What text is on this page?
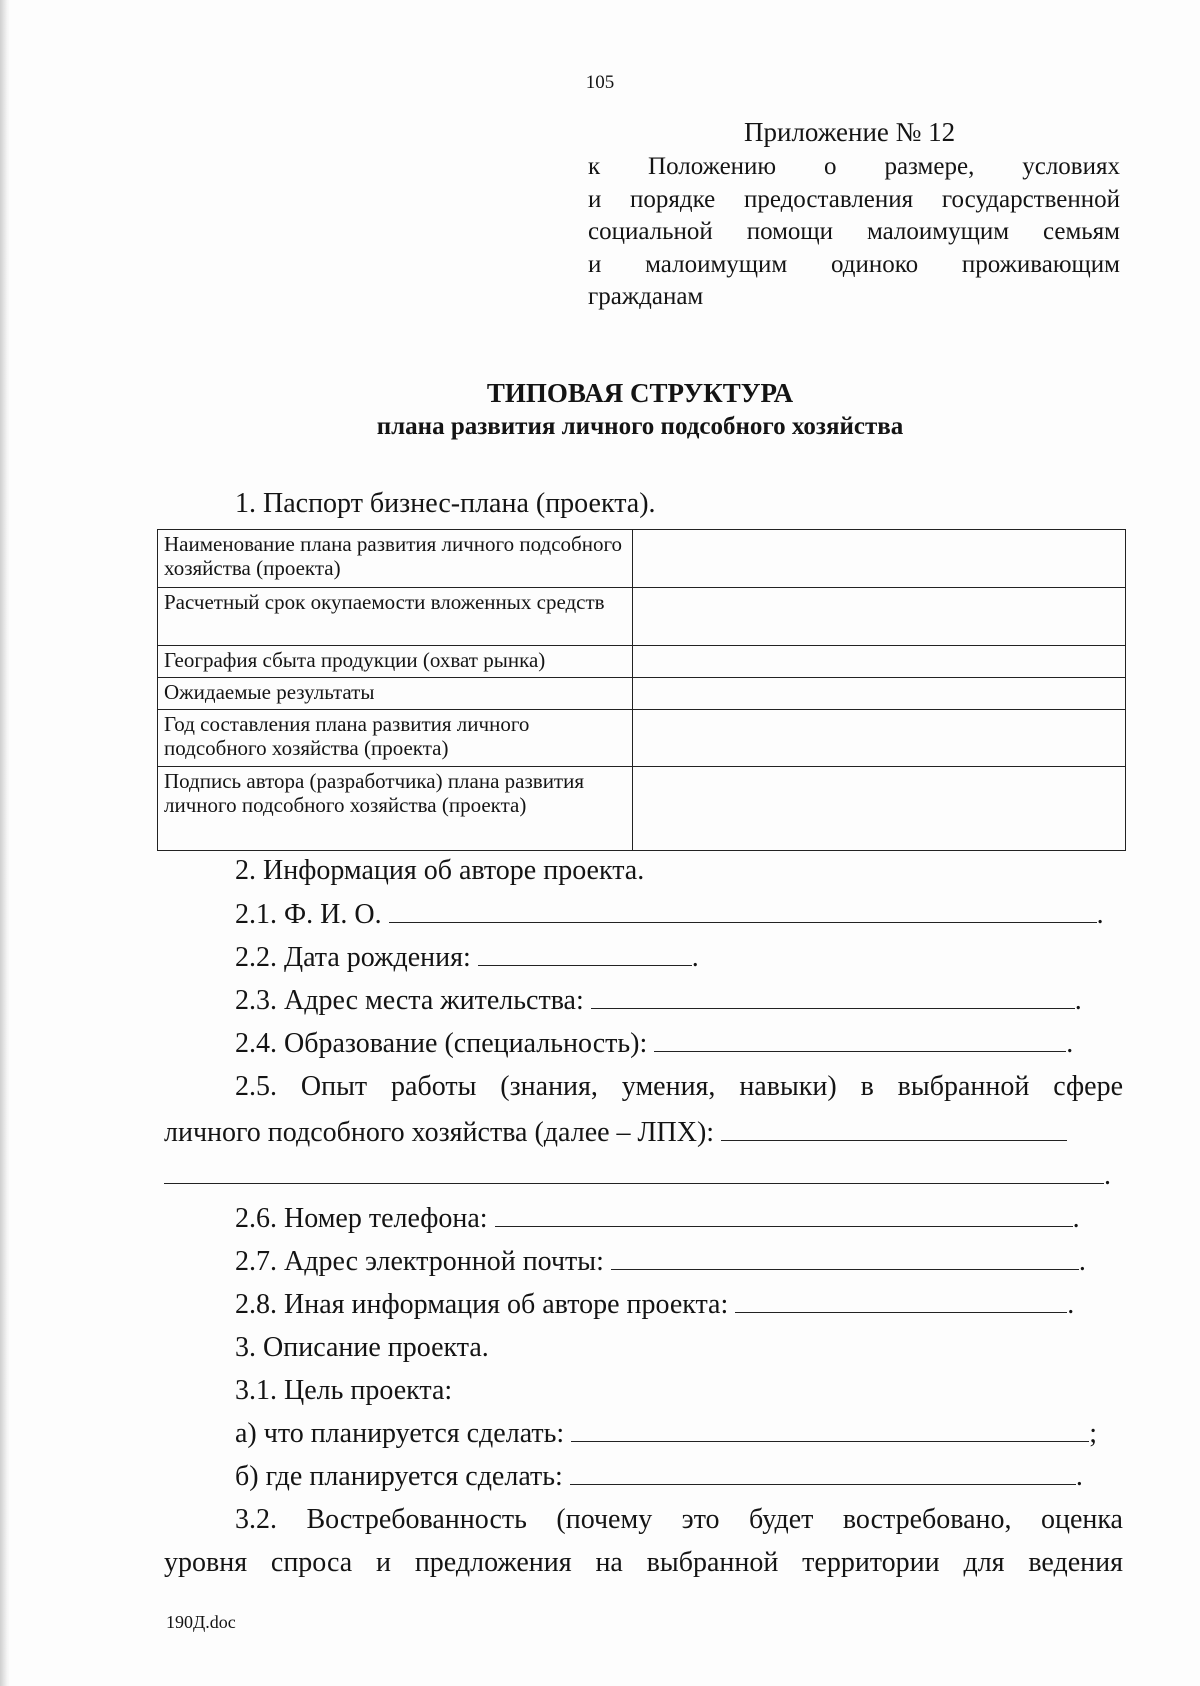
105
Приложение № 12
к Положению о размере, условиях
и порядке предоставления государственной
социальной помощи малоимущим семьям
и малоимущим одиноко проживающим
гражданам
ТИПОВАЯ СТРУКТУРА
плана развития личного подсобного хозяйства
1. Паспорт бизнес-плана (проекта).
Наименование плана развития личного подсобного хозяйства (проекта)	
Расчетный срок окупаемости вложенных средств	
География сбыта продукции (охват рынка)	
Ожидаемые результаты	
Год составления плана развития личного подсобного хозяйства (проекта)	
Подпись автора (разработчика) плана развития личного подсобного хозяйства (проекта)	
2. Информация об авторе проекта.
2.1. Ф. И. О.	.
2.2. Дата рождения:	.
2.3. Адрес места жительства:	.
2.4. Образование (специальность):	.
2.5. Опыт работы (знания, умения, навыки) в выбранной сфере
личного подсобного хозяйства (далее – ЛПХ):
.
2.6. Номер телефона:	.
2.7. Адрес электронной почты:	.
2.8. Иная информация об авторе проекта:	.
3. Описание проекта.
3.1. Цель проекта:
а) что планируется сделать:	;
б) где планируется сделать:	.
3.2. Востребованность (почему это будет востребовано, оценка
уровня спроса и предложения на выбранной территории для ведения
190Д.doc
